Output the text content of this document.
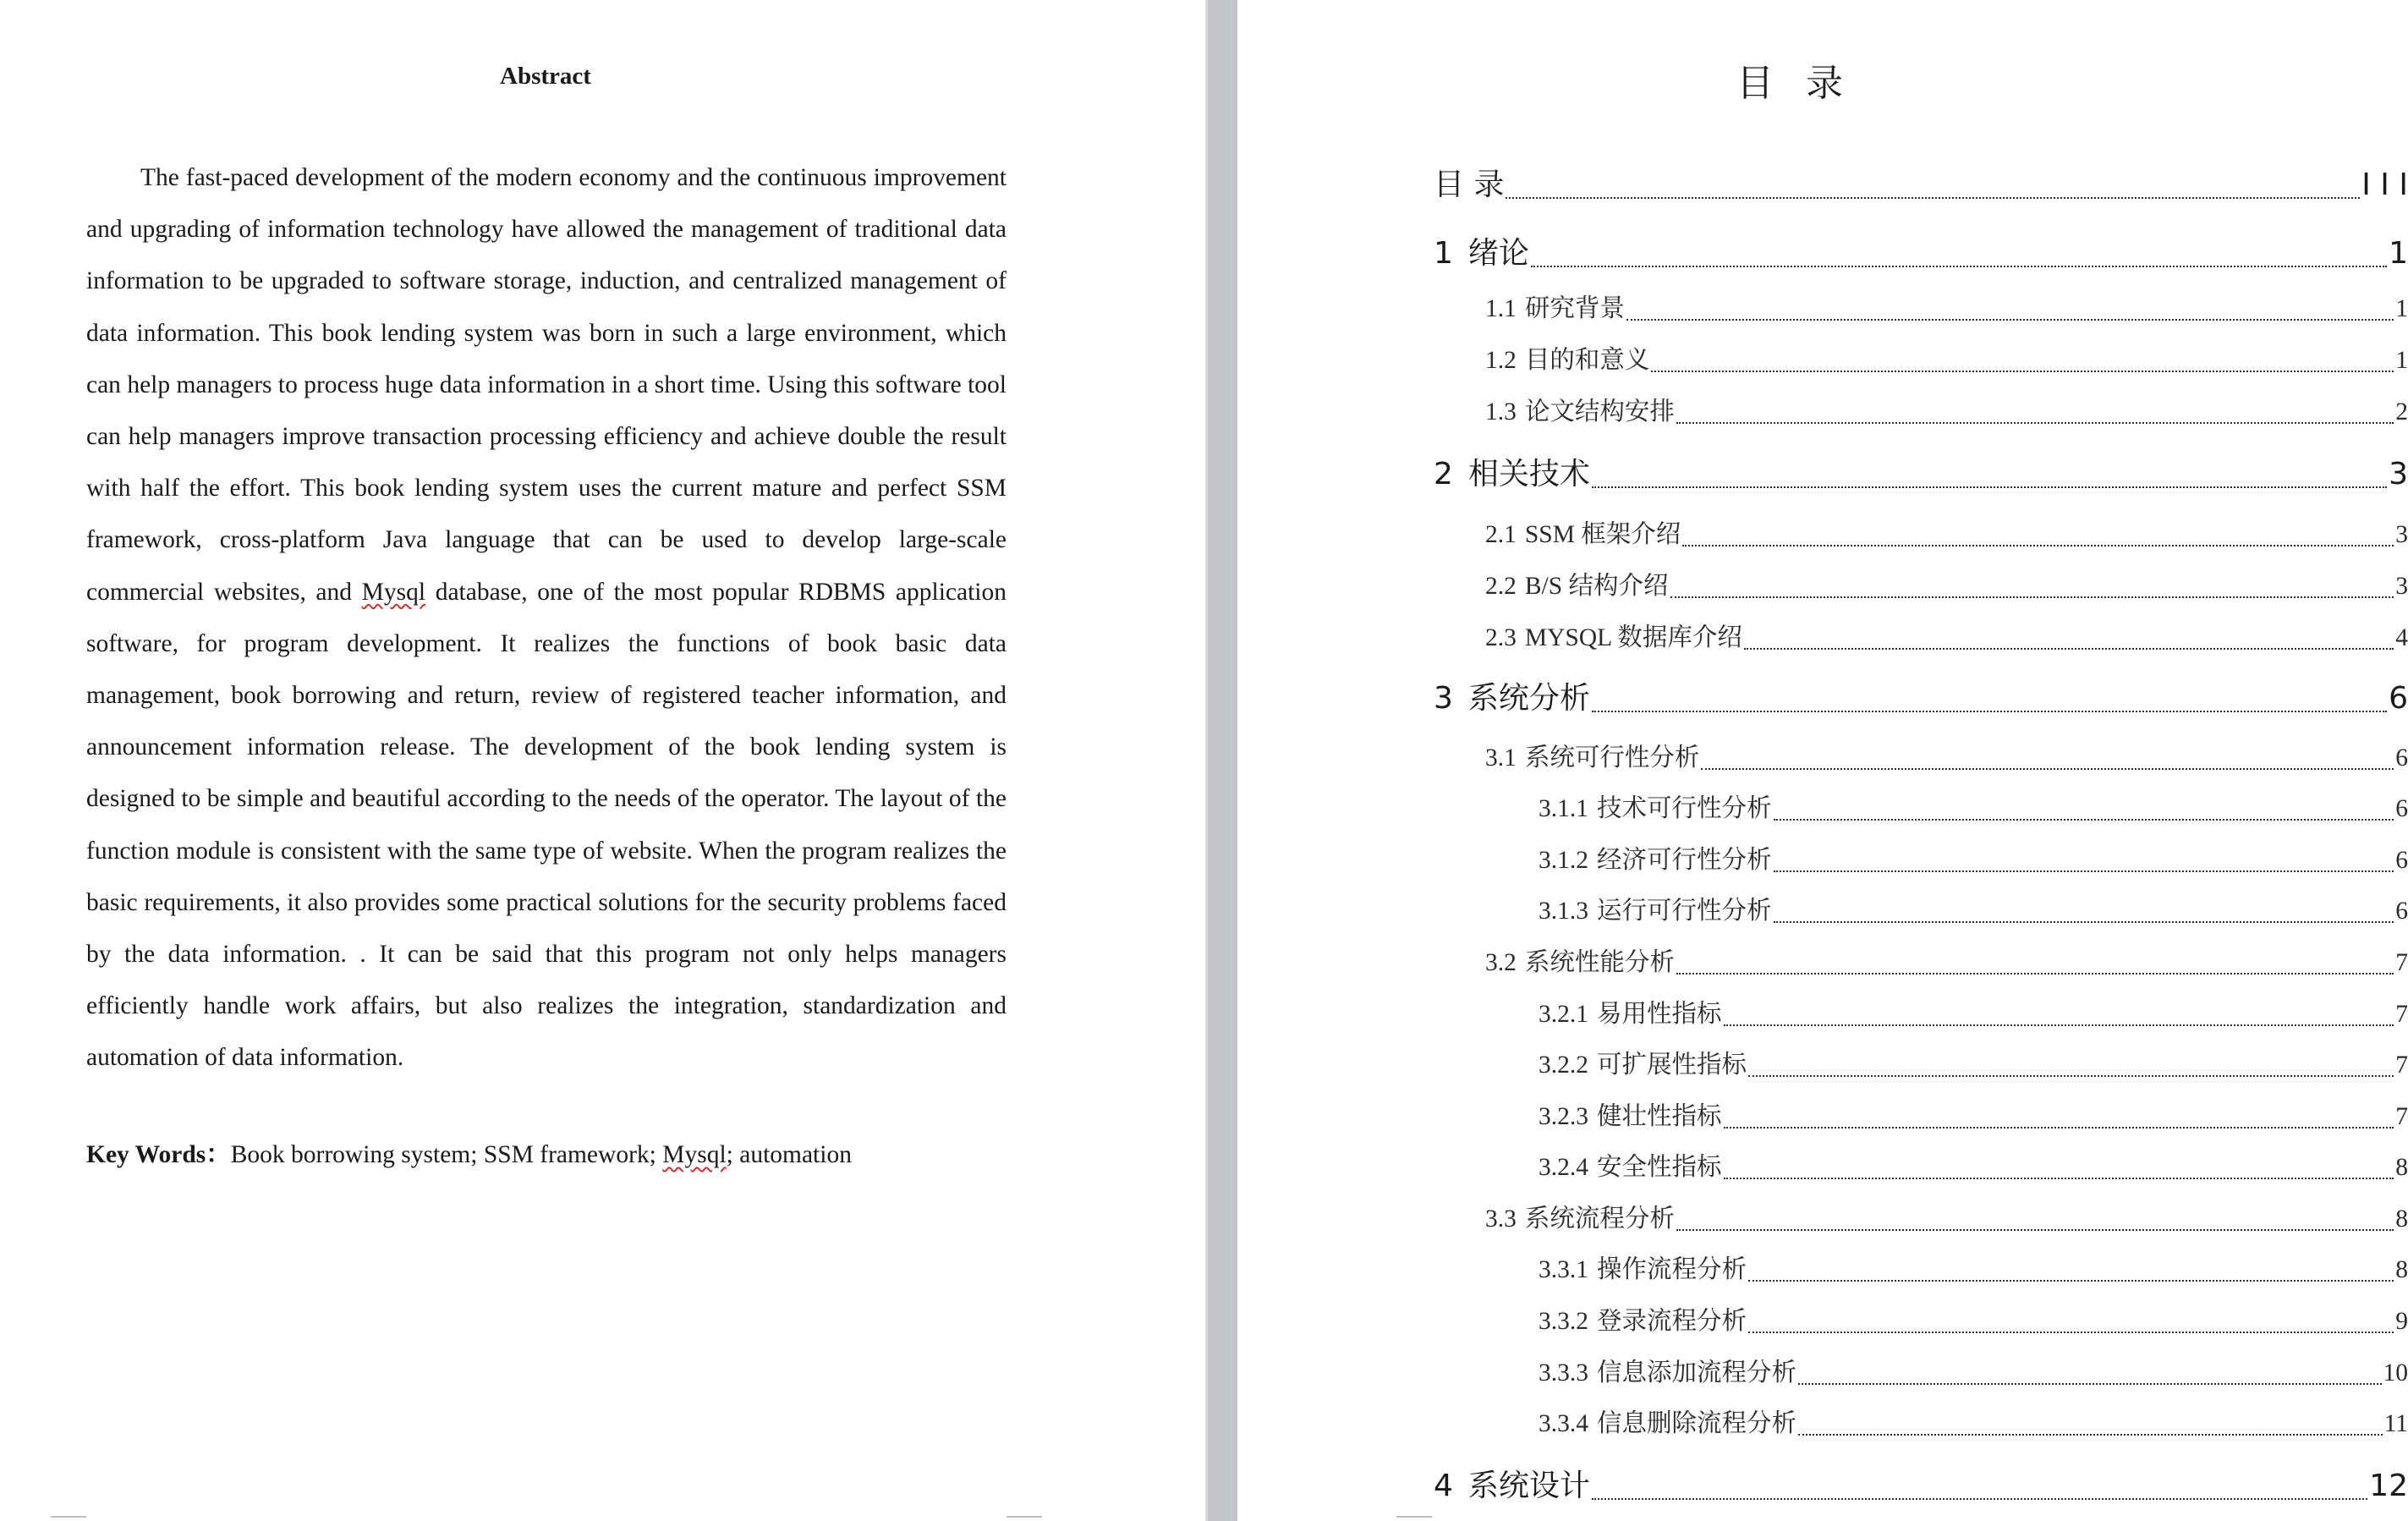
Abstract

The fast-paced development of the modern economy and the continuous improvement and upgrading of information technology have allowed the management of traditional data information to be upgraded to software storage, induction, and centralized management of data information. This book lending system was born in such a large environment, which can help managers to process huge data information in a short time. Using this software tool can help managers improve transaction processing efficiency and achieve double the result with half the effort. This book lending system uses the current mature and perfect SSM framework, cross-platform Java language that can be used to develop large-scale commercial websites, and Mysql database, one of the most popular RDBMS application software, for program development. It realizes the functions of book basic data management, book borrowing and return, review of registered teacher information, and announcement information release. The development of the book lending system is designed to be simple and beautiful according to the needs of the operator. The layout of the function module is consistent with the same type of website. When the program realizes the basic requirements, it also provides some practical solutions for the security problems faced by the data information. . It can be said that this program not only helps managers efficiently handle work affairs, but also realizes the integration, standardization and automation of data information.

Key Words：Book borrowing system; SSM framework; Mysql; automation
目 录
目 录	I I I
1 绪论	1
1.1 研究背景	1
1.2 目的和意义	1
1.3 论文结构安排	2
2 相关技术	3
2.1 SSM 框架介绍	3
2.2 B/S 结构介绍	3
2.3 MYSQL 数据库介绍	4
3 系统分析	6
3.1 系统可行性分析	6
3.1.1 技术可行性分析	6
3.1.2 经济可行性分析	6
3.1.3 运行可行性分析	6
3.2 系统性能分析	7
3.2.1 易用性指标	7
3.2.2 可扩展性指标	7
3.2.3 健壮性指标	7
3.2.4 安全性指标	8
3.3 系统流程分析	8
3.3.1 操作流程分析	8
3.3.2 登录流程分析	9
3.3.3 信息添加流程分析	10
3.3.4 信息删除流程分析	11
4 系统设计	12
